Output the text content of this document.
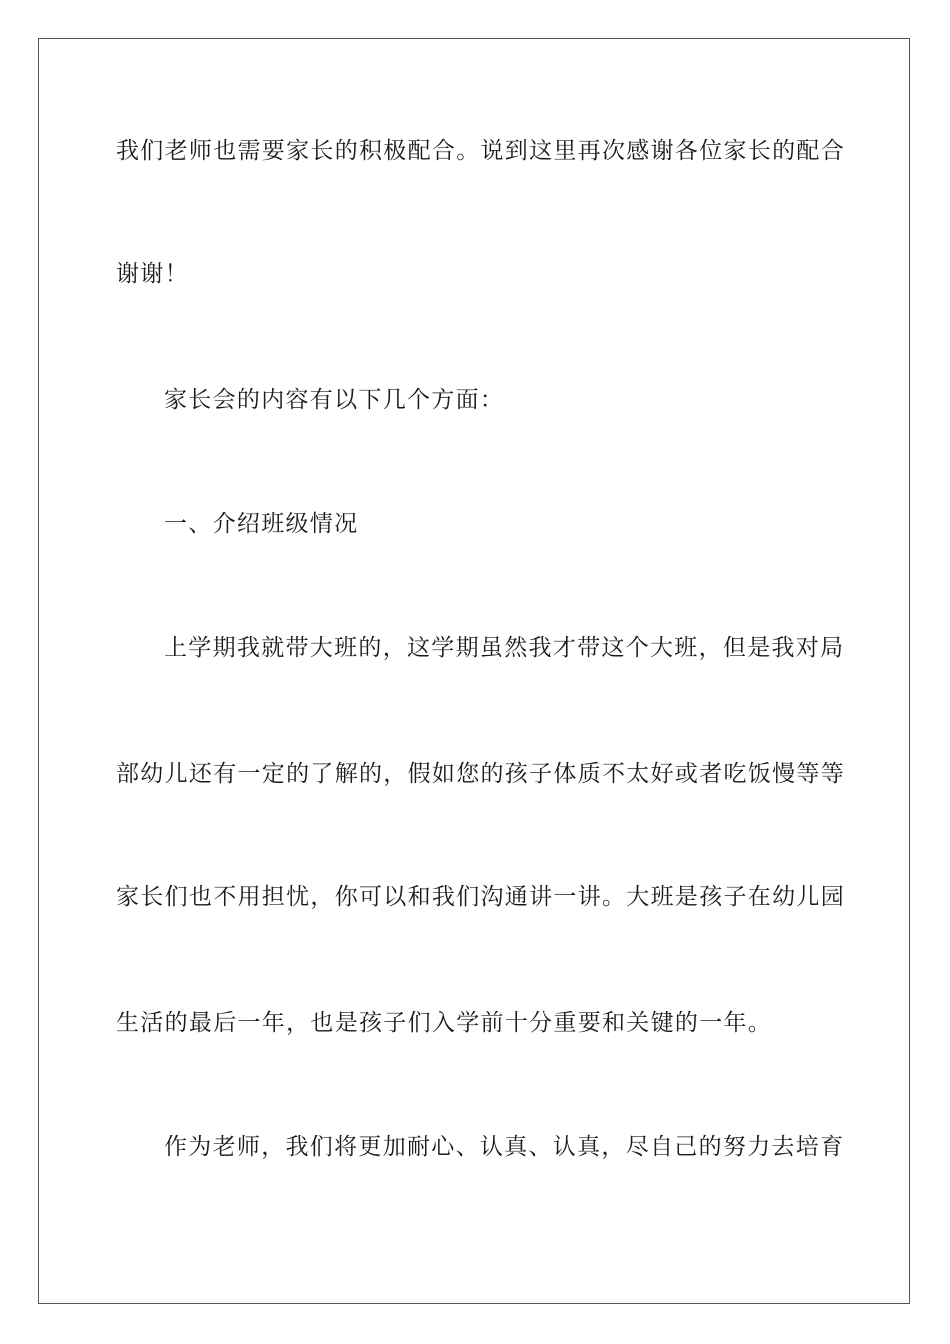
我们老师也需要家长的积极配合。说到这里再次感谢各位家长的配合
谢谢！
家长会的内容有以下几个方面：
一、介绍班级情况
上学期我就带大班的，这学期虽然我才带这个大班，但是我对局
部幼儿还有一定的了解的，假如您的孩子体质不太好或者吃饭慢等等
家长们也不用担忧，你可以和我们沟通讲一讲。大班是孩子在幼儿园
生活的最后一年，也是孩子们入学前十分重要和关键的一年。
作为老师，我们将更加耐心、认真、认真，尽自己的努力去培育
